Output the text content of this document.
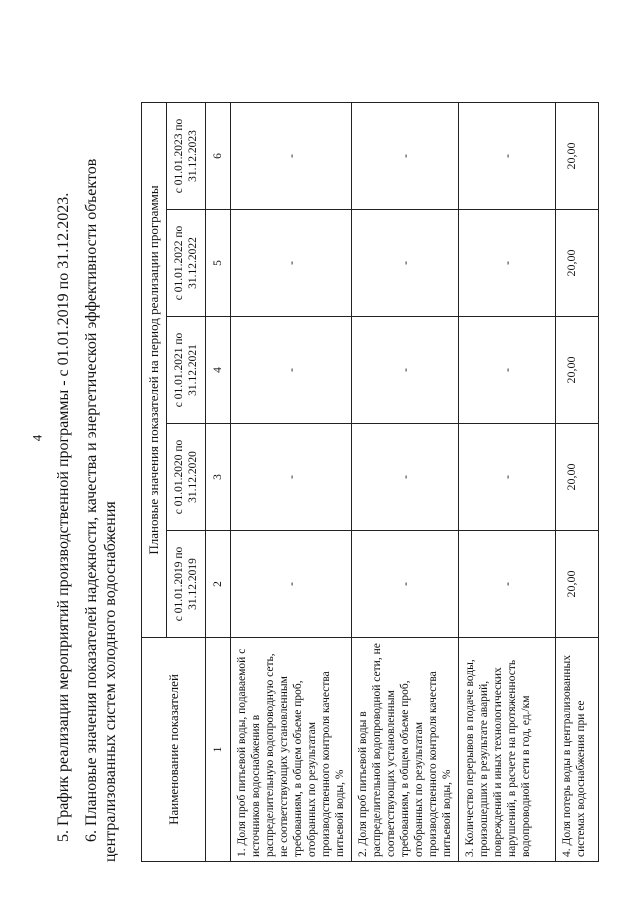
4 5. График реализации мероприятий производственной программы - с 01.01.2019 по 31.12.2023. 6. Плановые значения показателей надежности, качества и энергетической эффективности объектов централизованных систем холодного водоснабжения	Наименование показателей	Плановые значения показателей на период реализации программы				
	с 01.01.2019 по 31.12.2019	с 01.01.2020 по 31.12.2020	с 01.01.2021 по 31.12.2021	с 01.01.2022 по 31.12.2022	с 01.01.2023 по 31.12.2023
1	2	3	4	5	6
1. Доля проб питьевой воды, подаваемой с источников водоснабжения в распределительную водопроводную сеть, не соответствующих установленным требованиям, в общем объеме проб, отобранных по результатам производственного контроля качества питьевой воды, %	-	-	-	-	-
2. Доля проб питьевой воды в распределительной водопроводной сети, не соответствующих установленным требованиям, в общем объеме проб, отобранных по результатам производственного контроля качества питьевой воды, %	-	-	-	-	-
3. Количество перерывов в подаче воды, произошедших в результате аварий, повреждений и иных технологических нарушений, в расчете на протяженность водопроводной сети в год, ед./км	-	-	-	-	-
4. Доля потерь воды в централизованных системах водоснабжения при ее	20,00	20,00	20,00	20,00	20,00
